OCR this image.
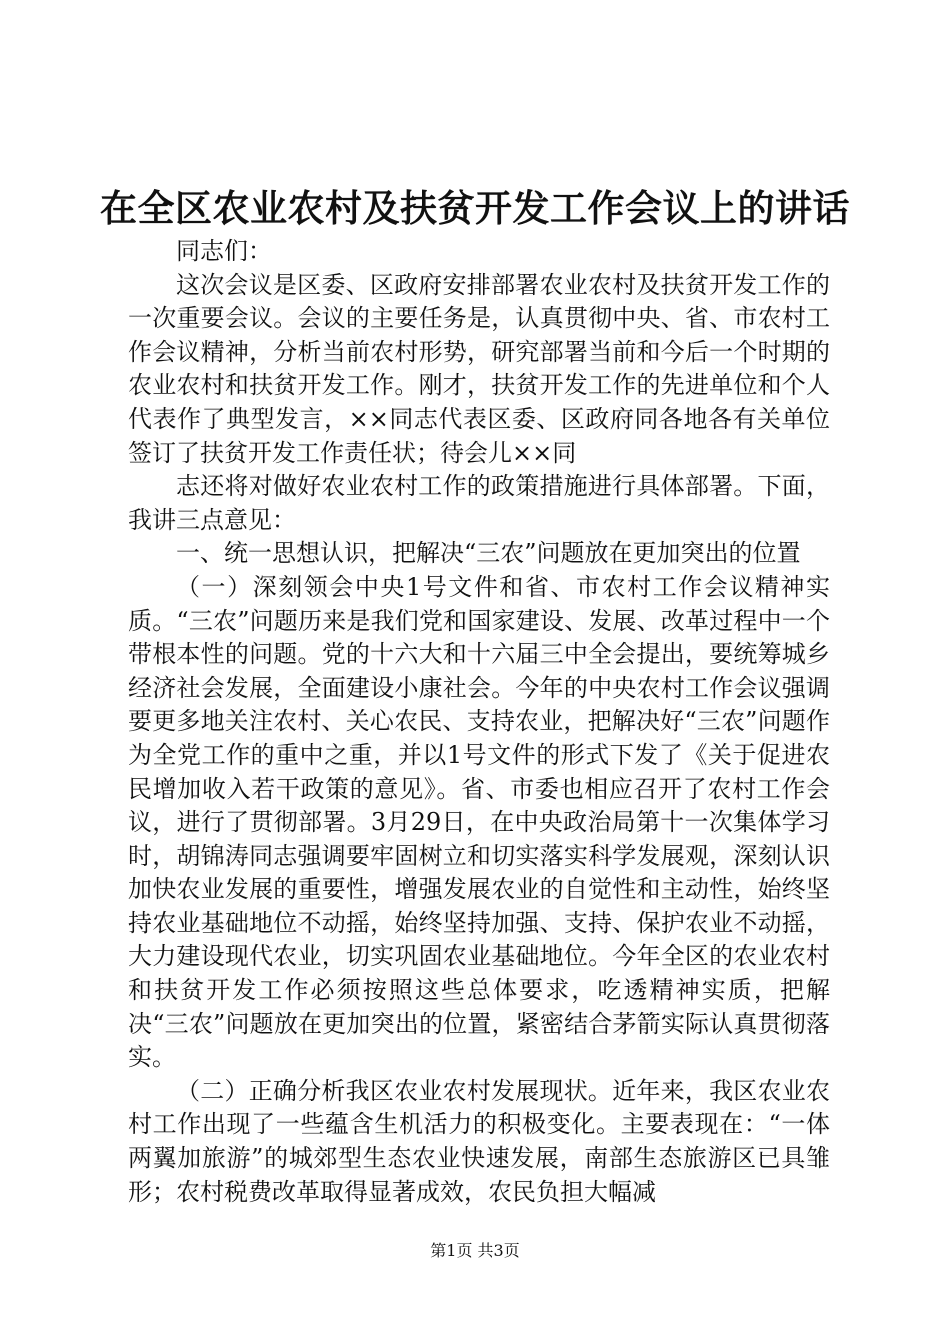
在全区农业农村及扶贫开发工作会议上的讲话

同志们：

这次会议是区委、区政府安排部署农业农村及扶贫开发工作的一次重要会议。会议的主要任务是，认真贯彻中央、省、市农村工作会议精神，分析当前农村形势，研究部署当前和今后一个时期的农业农村和扶贫开发工作。刚才，扶贫开发工作的先进单位和个人代表作了典型发言，××同志代表区委、区政府同各地各有关单位签订了扶贫开发工作责任状；待会儿××同

志还将对做好农业农村工作的政策措施进行具体部署。下面，我讲三点意见：

一、统一思想认识，把解决“三农”问题放在更加突出的位置

（一）深刻领会中央1号文件和省、市农村工作会议精神实质。“三农”问题历来是我们党和国家建设、发展、改革过程中一个带根本性的问题。党的十六大和十六届三中全会提出，要统筹城乡经济社会发展，全面建设小康社会。今年的中央农村工作会议强调要更多地关注农村、关心农民、支持农业，把解决好“三农”问题作为全党工作的重中之重，并以1号文件的形式下发了《关于促进农民增加收入若干政策的意见》。省、市委也相应召开了农村工作会议，进行了贯彻部署。3月29日，在中央政治局第十一次集体学习时，胡锦涛同志强调要牢固树立和切实落实科学发展观，深刻认识加快农业发展的重要性，增强发展农业的自觉性和主动性，始终坚持农业基础地位不动摇，始终坚持加强、支持、保护农业不动摇，大力建设现代农业，切实巩固农业基础地位。今年全区的农业农村和扶贫开发工作必须按照这些总体要求，吃透精神实质，把解决“三农”问题放在更加突出的位置，紧密结合茅箭实际认真贯彻落实。

（二）正确分析我区农业农村发展现状。近年来，我区农业农村工作出现了一些蕴含生机活力的积极变化。主要表现在：“一体两翼加旅游”的城郊型生态农业快速发展，南部生态旅游区已具雏形；农村税费改革取得显著成效，农民负担大幅减

第1页 共3页
